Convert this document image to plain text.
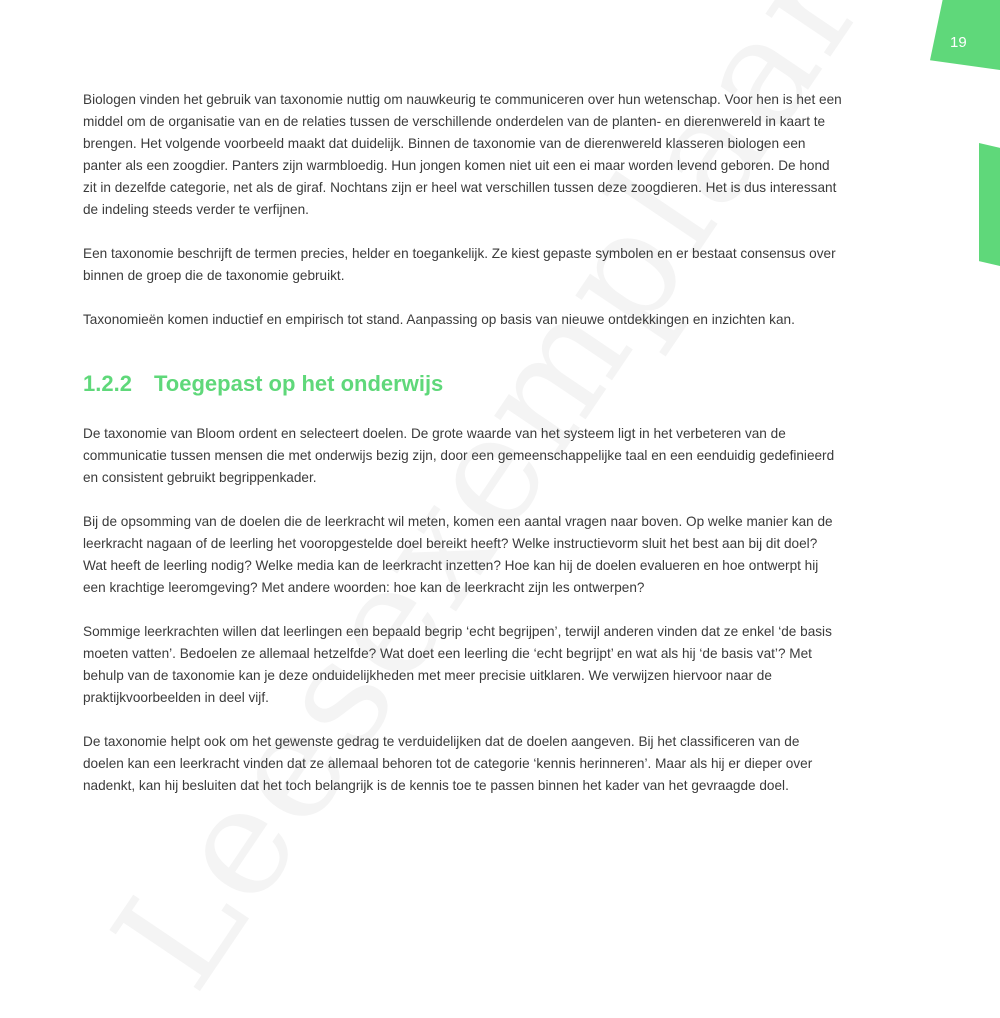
19

Biologen vinden het gebruik van taxonomie nuttig om nauwkeurig te communiceren over hun wetenschap. Voor hen is het een middel om de organisatie van en de relaties tussen de verschillende onderdelen van de planten- en dierenwereld in kaart te brengen. Het volgende voorbeeld maakt dat duidelijk. Binnen de taxonomie van de dierenwereld klasseren biologen een panter als een zoogdier. Panters zijn warmbloedig. Hun jongen komen niet uit een ei maar worden levend geboren. De hond zit in dezelfde categorie, net als de giraf. Nochtans zijn er heel wat verschillen tussen deze zoogdieren. Het is dus interessant de indeling steeds verder te verfijnen.

Een taxonomie beschrijft de termen precies, helder en toegankelijk. Ze kiest gepaste symbolen en er bestaat consensus over binnen de groep die de taxonomie gebruikt.

Taxonomieën komen inductief en empirisch tot stand. Aanpassing op basis van nieuwe ontdekkingen en inzichten kan.

1.2.2	Toegepast op het onderwijs

De taxonomie van Bloom ordent en selecteert doelen. De grote waarde van het systeem ligt in het verbeteren van de communicatie tussen mensen die met onderwijs bezig zijn, door een gemeenschappelijke taal en een eenduidig gedefinieerd en consistent gebruikt begrippenkader.

Bij de opsomming van de doelen die de leerkracht wil meten, komen een aantal vragen naar boven. Op welke manier kan de leerkracht nagaan of de leerling het vooropgestelde doel bereikt heeft? Welke instructievorm sluit het best aan bij dit doel? Wat heeft de leerling nodig? Welke media kan de leerkracht inzetten? Hoe kan hij de doelen evalueren en hoe ontwerpt hij een krachtige leeromgeving? Met andere woorden: hoe kan de leerkracht zijn les ontwerpen?

Sommige leerkrachten willen dat leerlingen een bepaald begrip ‘echt begrijpen’, terwijl anderen vinden dat ze enkel ‘de basis moeten vatten’. Bedoelen ze allemaal hetzelfde? Wat doet een leerling die ‘echt begrijpt’ en wat als hij ‘de basis vat’? Met behulp van de taxonomie kan je deze onduidelijkheden met meer precisie uitklaren. We verwijzen hiervoor naar de praktijkvoorbeelden in deel vijf.

De taxonomie helpt ook om het gewenste gedrag te verduidelijken dat de doelen aangeven. Bij het classificeren van de doelen kan een leerkracht vinden dat ze allemaal behoren tot de categorie ‘kennis herinneren’. Maar als hij er dieper over nadenkt, kan hij besluiten dat het toch belangrijk is de kennis toe te passen binnen het kader van het gevraagde doel.
